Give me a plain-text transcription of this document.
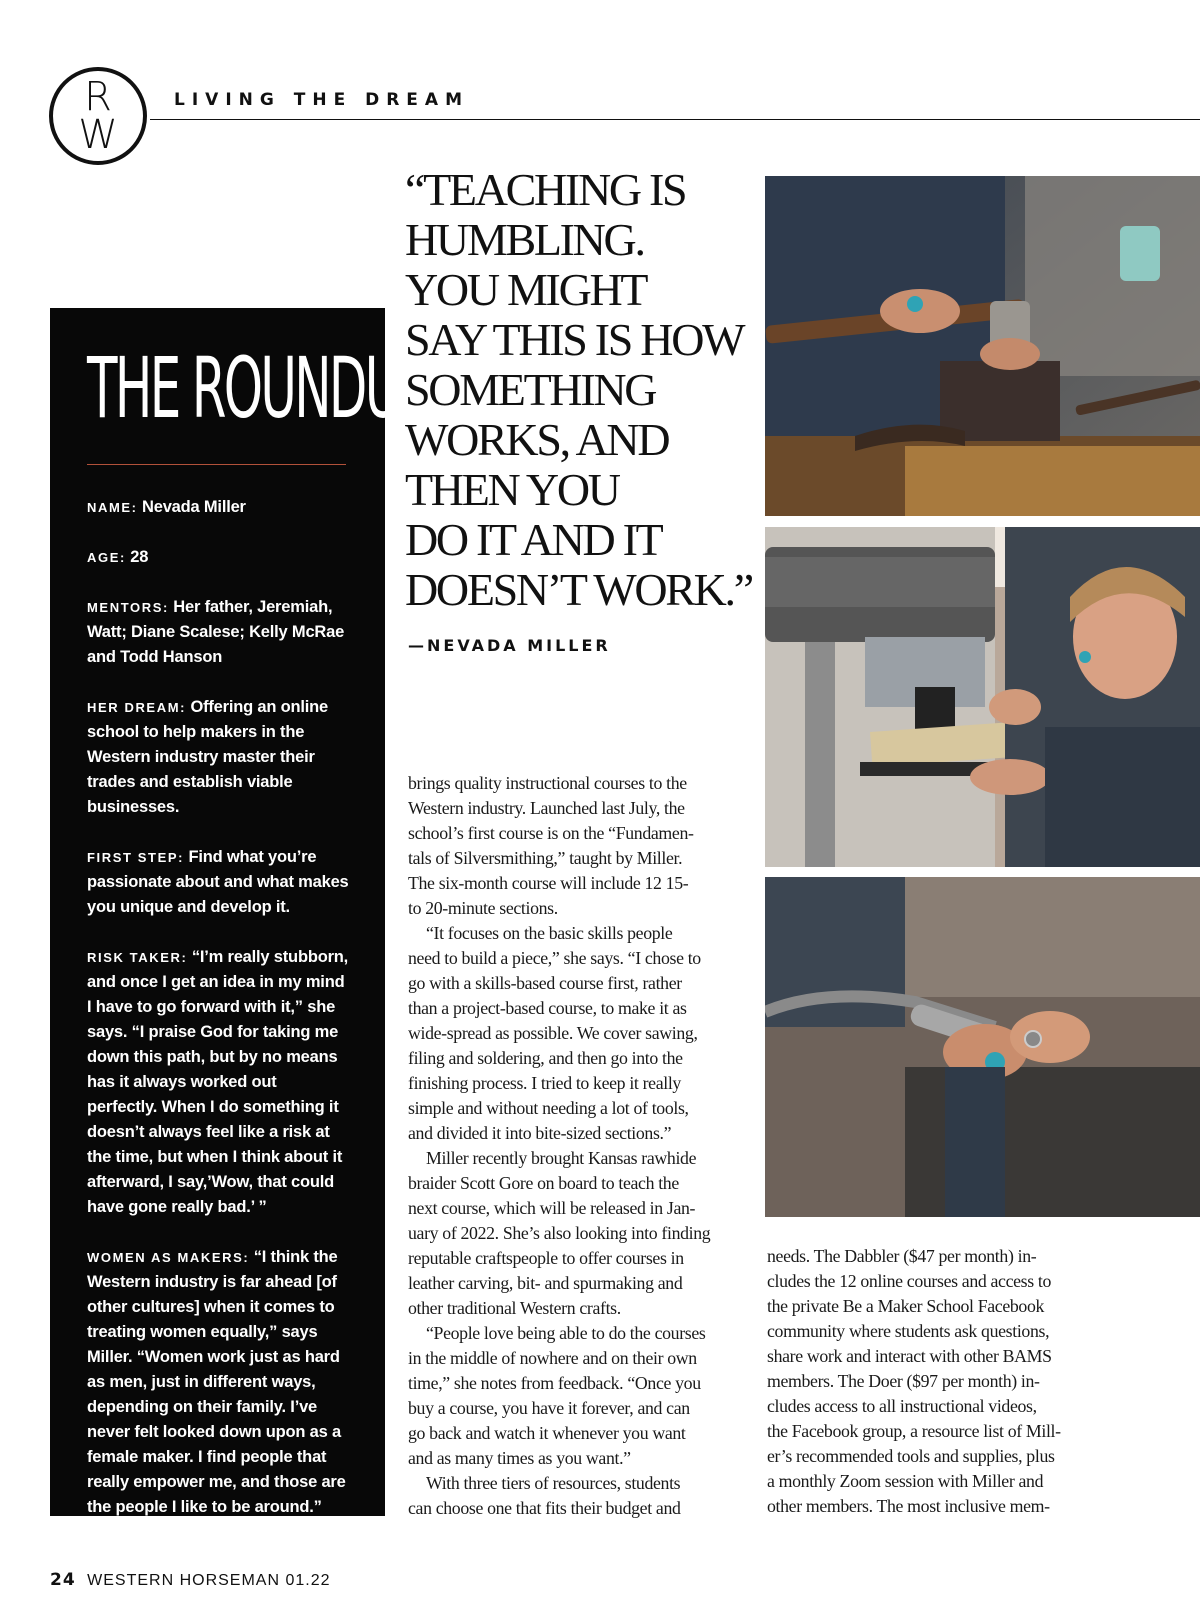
R
W
LIVING THE DREAM
THE ROUNDUP

NAME: Nevada Miller

AGE: 28

MENTORS: Her father, Jeremiah, Watt; Diane Scalese; Kelly McRae and Todd Hanson

HER DREAM: Offering an online school to help makers in the Western industry master their trades and establish viable businesses.

FIRST STEP: Find what you’re passionate about and what makes you unique and develop it.

RISK TAKER: “I’m really stubborn, and once I get an idea in my mind I have to go forward with it,” she says. “I praise God for taking me down this path, but by no means has it always worked out perfectly. When I do something it doesn’t always feel like a risk at the time, but when I think about it afterward, I say,’Wow, that could have gone really bad.’ ”

WOMEN AS MAKERS: “I think the Western industry is far ahead [of other cultures] when it comes to treating women equally,” says Miller. “Women work just as hard as men, just in different ways, depending on their family. I’ve never felt looked down upon as a female maker. I find people that really empower me, and those are the people I like to be around.”

“TEACHING IS
HUMBLING.
YOU MIGHT
SAY THIS IS HOW
SOMETHING
WORKS, AND
THEN YOU
DO IT AND IT
DOESN’T WORK.”
—NEVADA MILLER
brings quality instructional courses to the
Western industry. Launched last July, the
school’s first course is on the “Fundamen-
tals of Silversmithing,” taught by Miller.
The six-month course will include 12 15-
to 20-minute sections.
“It focuses on the basic skills people
need to build a piece,” she says. “I chose to
go with a skills-based course first, rather
than a project-based course, to make it as
wide-spread as possible. We cover sawing,
filing and soldering, and then go into the
finishing process. I tried to keep it really
simple and without needing a lot of tools,
and divided it into bite-sized sections.”
Miller recently brought Kansas rawhide
braider Scott Gore on board to teach the
next course, which will be released in Jan-
uary of 2022. She’s also looking into finding
reputable craftspeople to offer courses in
leather carving, bit- and spurmaking and
other traditional Western crafts.
“People love being able to do the courses
in the middle of nowhere and on their own
time,” she notes from feedback. “Once you
buy a course, you have it forever, and can
go back and watch it whenever you want
and as many times as you want.”
With three tiers of resources, students
can choose one that fits their budget and
needs. The Dabbler ($47 per month) in-
cludes the 12 online courses and access to
the private Be a Maker School Facebook
community where students ask questions,
share work and interact with other BAMS
members. The Doer ($97 per month) in-
cludes access to all instructional videos,
the Facebook group, a resource list of Mill-
er’s recommended tools and supplies, plus
a monthly Zoom session with Miller and
other members. The most inclusive mem-
24 WESTERN HORSEMAN 01.22
